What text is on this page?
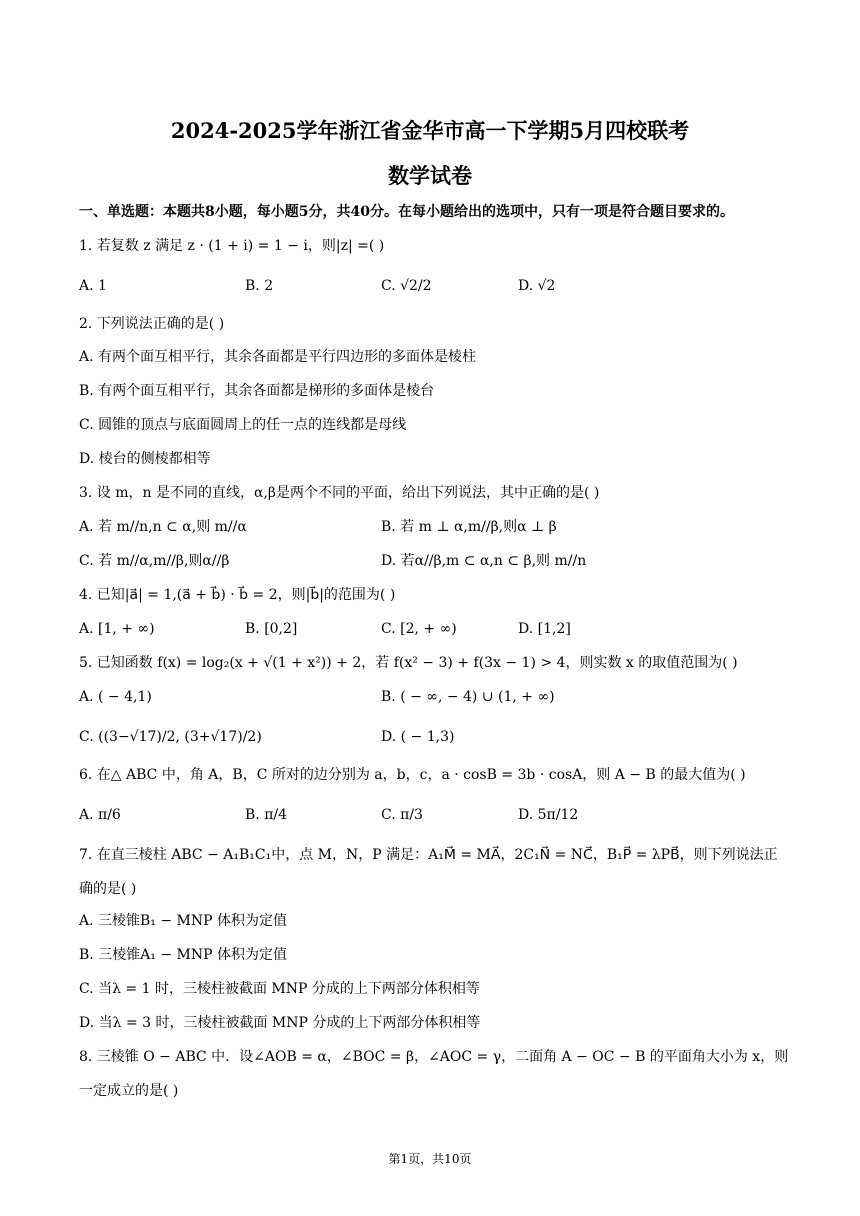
2024-2025学年浙江省金华市高一下学期5月四校联考
数学试卷
一、单选题：本题共8小题，每小题5分，共40分。在每小题给出的选项中，只有一项是符合题目要求的。
1. 若复数 z 满足 z · (1 + i) = 1 − i，则|z| =( )
A. 1	B. 2	C. √2/2	D. √2
2. 下列说法正确的是( )
A. 有两个面互相平行，其余各面都是平行四边形的多面体是棱柱
B. 有两个面互相平行，其余各面都是梯形的多面体是棱台
C. 圆锥的顶点与底面圆周上的任一点的连线都是母线
D. 棱台的侧棱都相等
3. 设 m，n 是不同的直线，α,β是两个不同的平面，给出下列说法，其中正确的是( )
A. 若 m//n,n ⊂ α,则 m//α	B. 若 m ⊥ α,m//β,则α ⊥ β
C. 若 m//α,m//β,则α//β	D. 若α//β,m ⊂ α,n ⊂ β,则 m//n
4. 已知|a⃗| = 1,(a⃗ + b⃗) · b⃗ = 2，则|b⃗|的范围为( )
A. [1, + ∞)	B. [0,2]	C. [2, + ∞)	D. [1,2]
5. 已知函数 f(x) = log₂(x + √(1 + x²)) + 2，若 f(x² − 3) + f(3x − 1) > 4，则实数 x 的取值范围为( )
A. ( − 4,1)	B. ( − ∞, − 4) ∪ (1, + ∞)
C. ((3−√17)/2, (3+√17)/2)	D. ( − 1,3)
6. 在△ ABC 中，角 A，B，C 所对的边分别为 a，b，c，a · cosB = 3b · cosA，则 A − B 的最大值为( )
A. π/6	B. π/4	C. π/3	D. 5π/12
7. 在直三棱柱 ABC − A₁B₁C₁中，点 M，N，P 满足：A₁M⃗ = MA⃗，2C₁N⃗ = NC⃗，B₁P⃗ = λPB⃗，则下列说法正
确的是( )
A. 三棱锥B₁ − MNP 体积为定值
B. 三棱锥A₁ − MNP 体积为定值
C. 当λ = 1 时，三棱柱被截面 MNP 分成的上下两部分体积相等
D. 当λ = 3 时，三棱柱被截面 MNP 分成的上下两部分体积相等
8. 三棱锥 O − ABC 中．设∠AOB = α，∠BOC = β，∠AOC = γ，二面角 A − OC − B 的平面角大小为 x，则
一定成立的是( )
第1页，共10页
